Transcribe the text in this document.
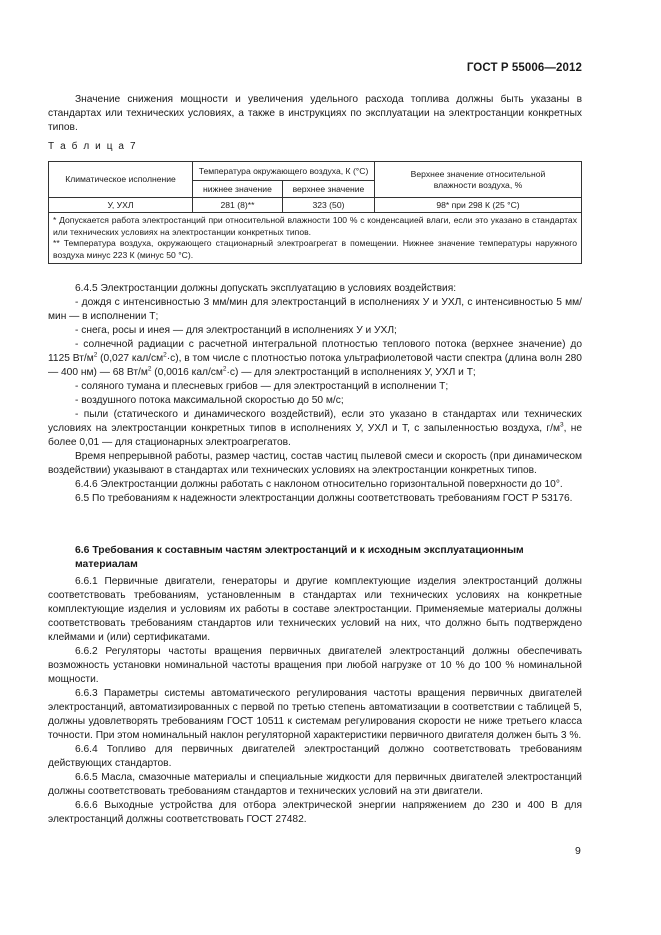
ГОСТ Р 55006—2012

Значение снижения мощности и увеличения удельного расхода топлива должны быть указаны в стандартах или технических условиях, а также в инструкциях по эксплуатации на электростанции конкретных типов.

Т а б л и ц а 7
Климатическое исполнение	Температура окружающего воздуха, К (°C)		Верхнее значение относительной влажности воздуха, %
	нижнее значение	верхнее значение	
У, УХЛ	281 (8)**	323 (50)	98* при 298 К (25 °C)

* Допускается работа электростанций при относительной влажности 100 % с конденсацией влаги, если это указано в стандартах или технических условиях на электростанции конкретных типов.
** Температура воздуха, окружающего стационарный электроагрегат в помещении. Нижнее значение температуры наружного воздуха минус 223 К (минус 50 °C).			

6.4.5 Электростанции должны допускать эксплуатацию в условиях воздействия:

- дождя с интенсивностью 3 мм/мин для электростанций в исполнениях У и УХЛ, с интенсивностью 5 мм/мин — в исполнении Т;

- снега, росы и инея — для электростанций в исполнениях У и УХЛ;

- солнечной радиации с расчетной интегральной плотностью теплового потока (верхнее значение) до 1125 $Вт/м^2$ (0,027 кал/$см^2\cdot с$), в том числе с плотностью потока ультрафиолетовой части спектра (длина волн 280 — 400 нм) — 68 $Вт/м^2$ (0,0016 кал/$см^2\cdot с$) — для электростанций в исполнениях У, УХЛ и Т;

- соляного тумана и плесневых грибов — для электростанций в исполнении Т;

- воздушного потока максимальной скоростью до 50 м/с;

- пыли (статического и динамического воздействий), если это указано в стандартах или технических условиях на электростанции конкретных типов в исполнениях У, УХЛ и Т, с запыленностью воздуха, $г/м^3$, не более 0,01 — для стационарных электроагрегатов.

Время непрерывной работы, размер частиц, состав частиц пылевой смеси и скорость (при динамическом воздействии) указывают в стандартах или технических условиях на электростанции конкретных типов.

6.4.6 Электростанции должны работать с наклоном относительно горизонтальной поверхности до 10°.

6.5 По требованиям к надежности электростанции должны соответствовать требованиям ГОСТ Р 53176.

6.6 Требования к составным частям электростанций и к исходным эксплуатационным материалам

6.6.1 Первичные двигатели, генераторы и другие комплектующие изделия электростанций должны соответствовать требованиям, установленным в стандартах или технических условиях на конкретные комплектующие изделия и условиям их работы в составе электростанции. Применяемые материалы должны соответствовать требованиям стандартов или технических условий на них, что должно быть подтверждено клеймами и (или) сертификатами.

6.6.2 Регуляторы частоты вращения первичных двигателей электростанций должны обеспечивать возможность установки номинальной частоты вращения при любой нагрузке от 10 % до 100 % номинальной мощности.

6.6.3 Параметры системы автоматического регулирования частоты вращения первичных двигателей электростанций, автоматизированных с первой по третью степень автоматизации в соответствии с таблицей 5, должны удовлетворять требованиям ГОСТ 10511 к системам регулирования скорости не ниже третьего класса точности. При этом номинальный наклон регуляторной характеристики первичного двигателя должен быть 3 %.

6.6.4 Топливо для первичных двигателей электростанций должно соответствовать требованиям действующих стандартов.

6.6.5 Масла, смазочные материалы и специальные жидкости для первичных двигателей электростанций должны соответствовать требованиям стандартов и технических условий на эти двигатели.

6.6.6 Выходные устройства для отбора электрической энергии напряжением до 230 и 400 В для электростанций должны соответствовать ГОСТ 27482.

9
